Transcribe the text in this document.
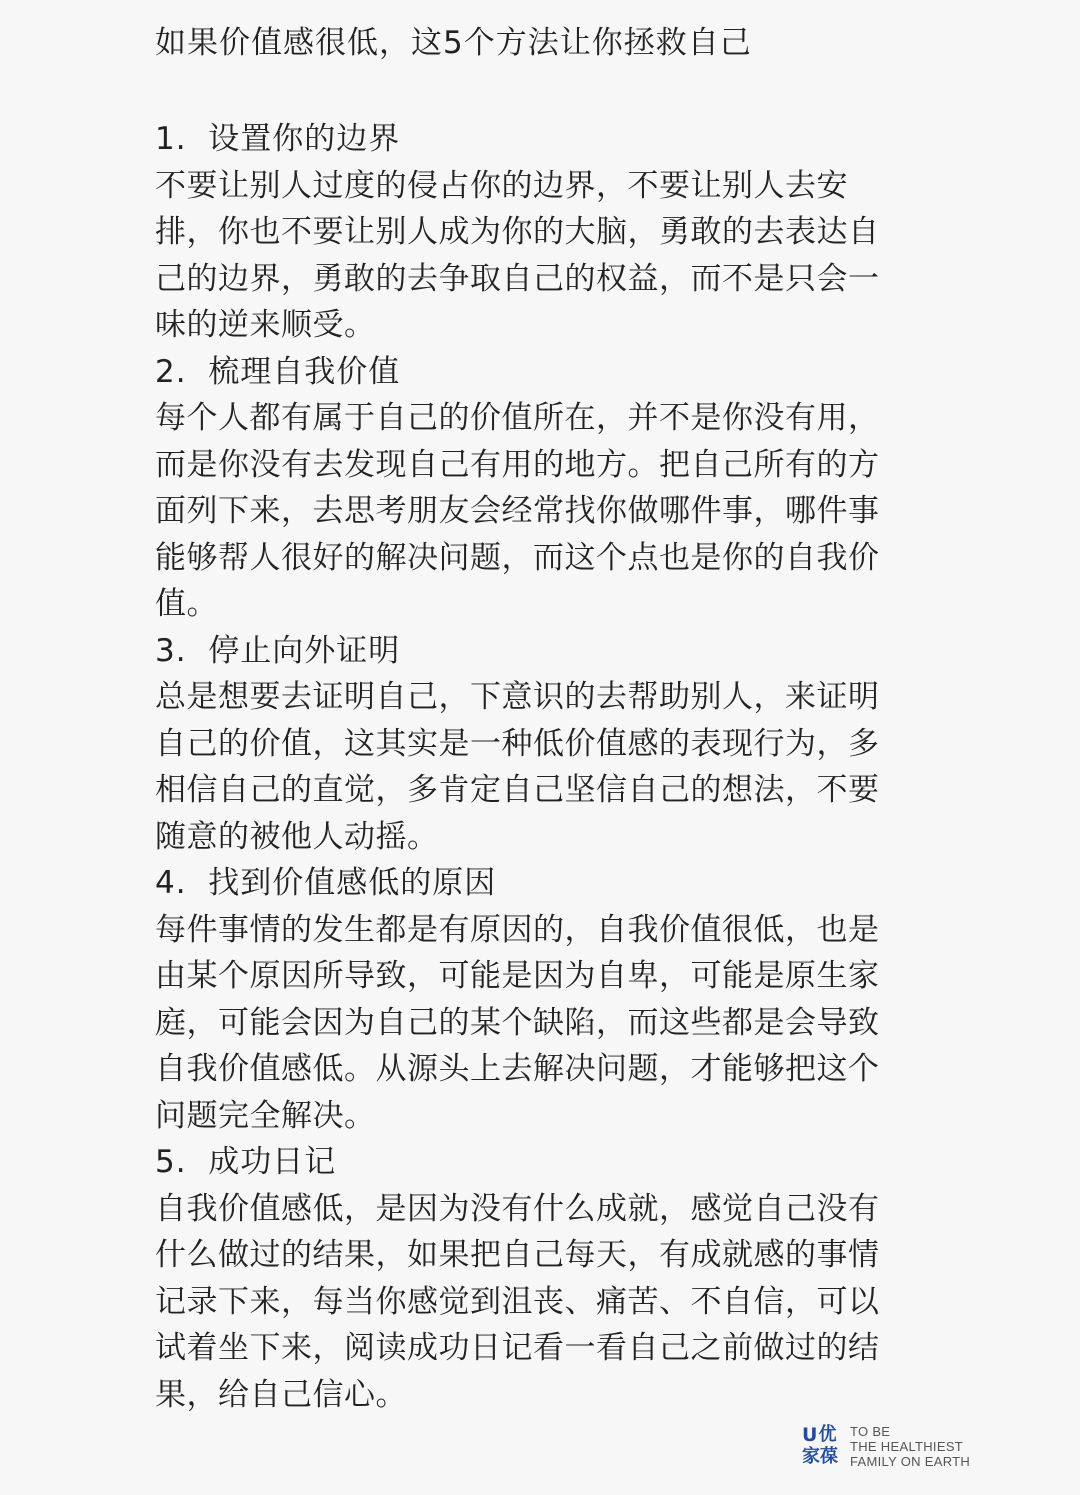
如果价值感很低，这5个方法让你拯救自己
1.  设置你的边界
不要让别人过度的侵占你的边界，不要让别人去安
排，你也不要让别人成为你的大脑，勇敢的去表达自
己的边界，勇敢的去争取自己的权益，而不是只会一
味的逆来顺受。
2.  梳理自我价值
每个人都有属于自己的价值所在，并不是你没有用，
而是你没有去发现自己有用的地方。把自己所有的方
面列下来，去思考朋友会经常找你做哪件事，哪件事
能够帮人很好的解决问题，而这个点也是你的自我价
值。
3.  停止向外证明
总是想要去证明自己，下意识的去帮助别人，来证明
自己的价值，这其实是一种低价值感的表现行为，多
相信自己的直觉，多肯定自己坚信自己的想法，不要
随意的被他人动摇。
4.  找到价值感低的原因
每件事情的发生都是有原因的，自我价值很低，也是
由某个原因所导致，可能是因为自卑，可能是原生家
庭，可能会因为自己的某个缺陷，而这些都是会导致
自我价值感低。从源头上去解决问题，才能够把这个
问题完全解决。
5.  成功日记
自我价值感低，是因为没有什么成就，感觉自己没有
什么做过的结果，如果把自己每天，有成就感的事情
记录下来，每当你感觉到沮丧、痛苦、不自信，可以
试着坐下来，阅读成功日记看一看自己之前做过的结
果，给自己信心。
U 优
家 葆
TO BE
THE HEALTHIEST
FAMILY ON EARTH
